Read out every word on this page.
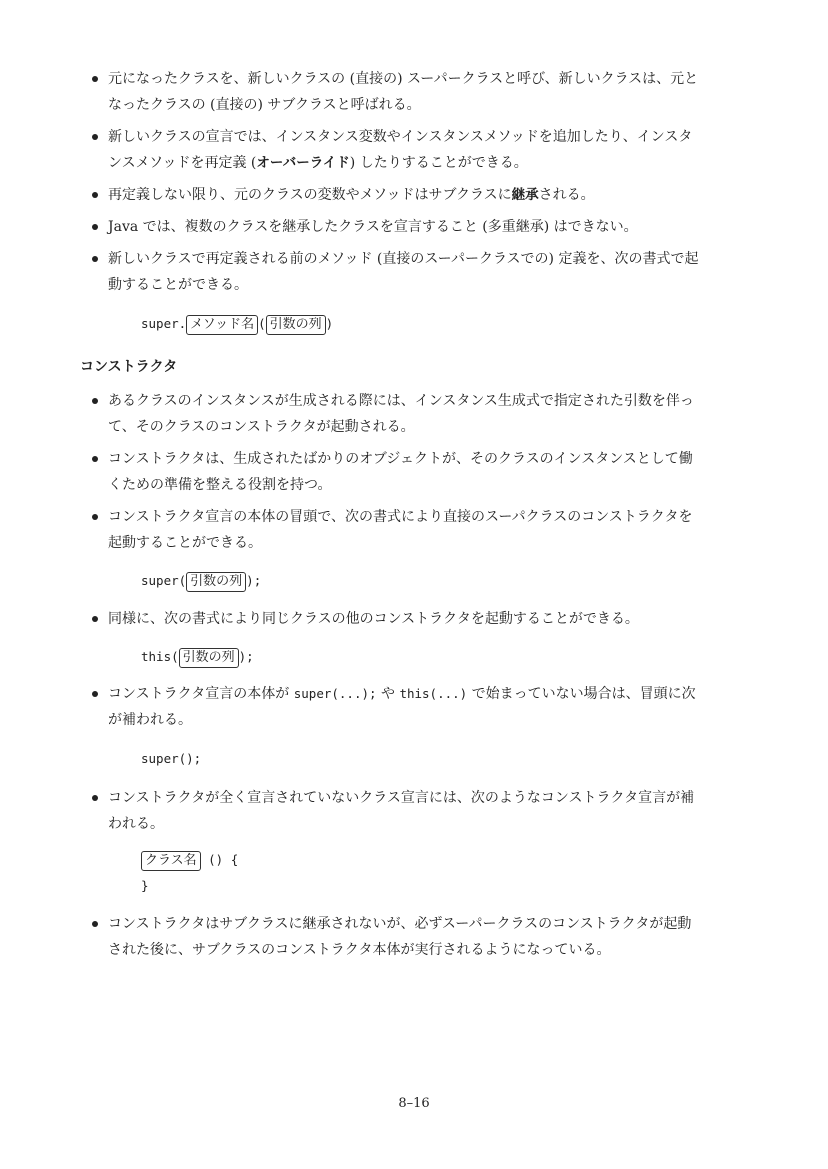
元になったクラスを、新しいクラスの (直接の) スーパークラスと呼び、新しいクラスは、元と
なったクラスの (直接の) サブクラスと呼ばれる。
新しいクラスの宣言では、インスタンス変数やインスタンスメソッドを追加したり、インスタ
ンスメソッドを再定義 (オーバーライド) したりすることができる。
再定義しない限り、元のクラスの変数やメソッドはサブクラスに継承される。
Java では、複数のクラスを継承したクラスを宣言すること (多重継承) はできない。
新しいクラスで再定義される前のメソッド (直接のスーパークラスでの) 定義を、次の書式で起
動することができる。
super. メソッド名 ( 引数の列 )
コンストラクタ
あるクラスのインスタンスが生成される際には、インスタンス生成式で指定された引数を伴っ
て、そのクラスのコンストラクタが起動される。
コンストラクタは、生成されたばかりのオブジェクトが、そのクラスのインスタンスとして働
くための準備を整える役割を持つ。
コンストラクタ宣言の本体の冒頭で、次の書式により直接のスーパクラスのコンストラクタを
起動することができる。
super( 引数の列 );
同様に、次の書式により同じクラスの他のコンストラクタを起動することができる。
this( 引数の列 );
コンストラクタ宣言の本体が super(...); や this(...) で始まっていない場合は、冒頭に次
が補われる。
super();
コンストラクタが全く宣言されていないクラス宣言には、次のようなコンストラクタ宣言が補
われる。
クラス名 () {
}
コンストラクタはサブクラスに継承されないが、必ずスーパークラスのコンストラクタが起動
された後に、サブクラスのコンストラクタ本体が実行されるようになっている。
8–16
